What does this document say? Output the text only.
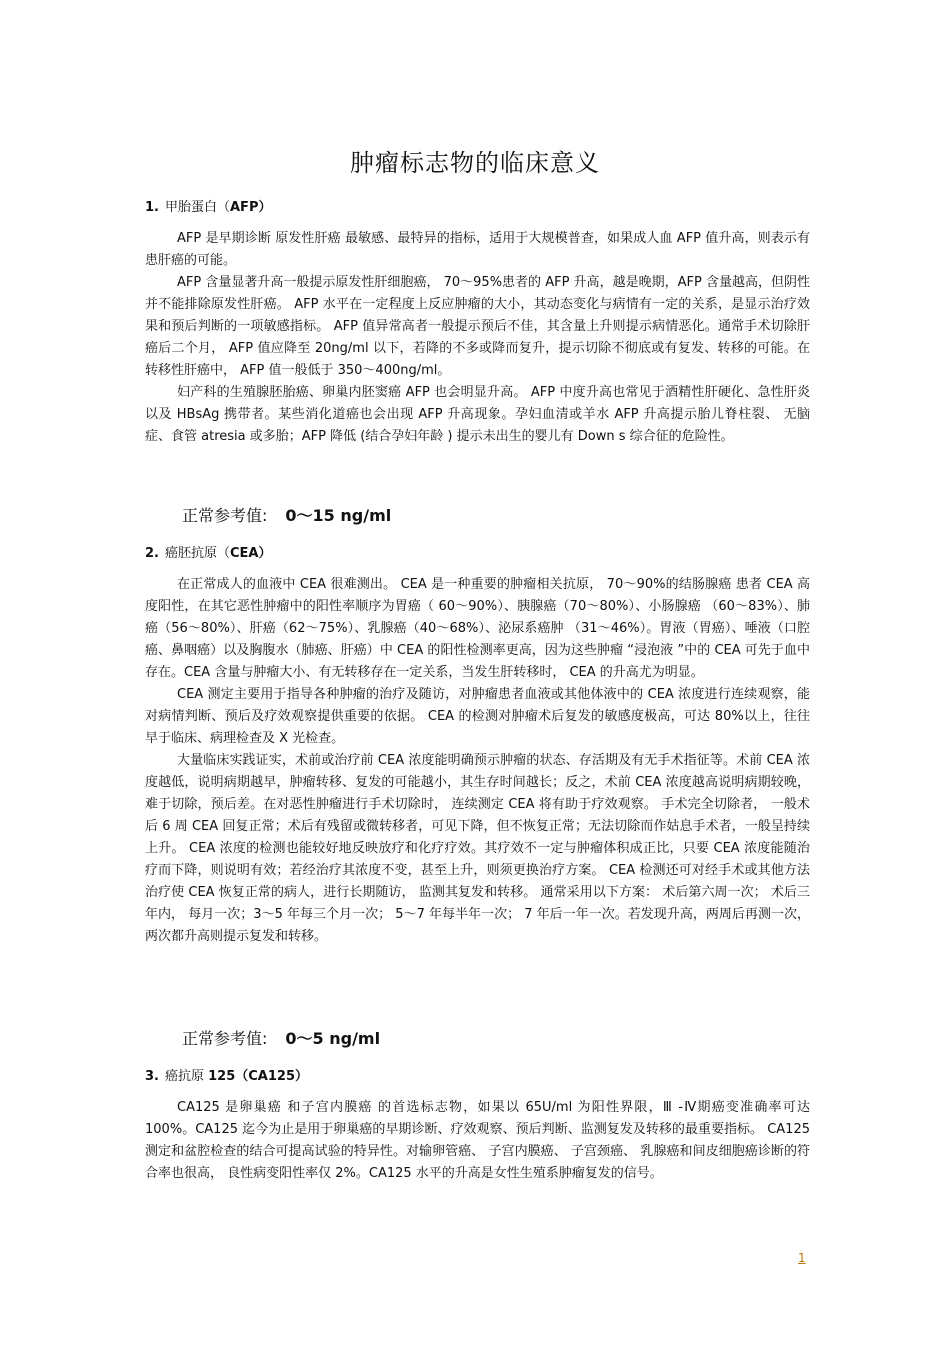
肿瘤标志物的临床意义
1. 甲胎蛋白（AFP）

AFP 是早期诊断 原发性肝癌 最敏感、最特异的指标，适用于大规模普查，如果成人血 AFP 值升高，则表示有患肝癌的可能。

AFP 含量显著升高一般提示原发性肝细胞癌， 70～95%患者的 AFP 升高，越是晚期，AFP 含量越高，但阴性并不能排除原发性肝癌。 AFP 水平在一定程度上反应肿瘤的大小，其动态变化与病情有一定的关系，是显示治疗效果和预后判断的一项敏感指标。 AFP 值异常高者一般提示预后不佳，其含量上升则提示病情恶化。通常手术切除肝癌后二个月， AFP 值应降至 20ng/ml 以下，若降的不多或降而复升，提示切除不彻底或有复发、转移的可能。在转移性肝癌中， AFP 值一般低于 350～400ng/ml。

妇产科的生殖腺胚胎癌、卵巢内胚窦癌 AFP 也会明显升高。 AFP 中度升高也常见于酒精性肝硬化、急性肝炎以及 HBsAg 携带者。某些消化道癌也会出现 AFP 升高现象。孕妇血清或羊水 AFP 升高提示胎儿脊柱裂、 无脑症、食管 atresia 或多胎；AFP 降低 (结合孕妇年龄 ) 提示未出生的婴儿有 Down s 综合征的危险性。

正常参考值: 0～15 ng/ml
2. 癌胚抗原（CEA）

在正常成人的血液中 CEA 很难测出。 CEA 是一种重要的肿瘤相关抗原， 70～90%的结肠腺癌 患者 CEA 高度阳性，在其它恶性肿瘤中的阳性率顺序为胃癌（ 60～90%）、胰腺癌（70～80%）、小肠腺癌 （60～83%）、肺癌（56～80%）、肝癌（62～75%）、乳腺癌（40～68%）、泌尿系癌肿 （31～46%）。胃液（胃癌）、唾液（口腔癌、鼻咽癌）以及胸腹水（肺癌、肝癌）中 CEA 的阳性检测率更高，因为这些肿瘤 “浸泡液 ”中的 CEA 可先于血中存在。CEA 含量与肿瘤大小、有无转移存在一定关系，当发生肝转移时， CEA 的升高尤为明显。

CEA 测定主要用于指导各种肿瘤的治疗及随访，对肿瘤患者血液或其他体液中的 CEA 浓度进行连续观察，能对病情判断、预后及疗效观察提供重要的依据。 CEA 的检测对肿瘤术后复发的敏感度极高，可达 80%以上，往往早于临床、病理检查及 X 光检查。

大量临床实践证实，术前或治疗前 CEA 浓度能明确预示肿瘤的状态、存活期及有无手术指征等。术前 CEA 浓度越低，说明病期越早，肿瘤转移、复发的可能越小，其生存时间越长；反之，术前 CEA 浓度越高说明病期较晚，难于切除，预后差。在对恶性肿瘤进行手术切除时， 连续测定 CEA 将有助于疗效观察。 手术完全切除者， 一般术后 6 周 CEA 回复正常；术后有残留或微转移者，可见下降，但不恢复正常；无法切除而作姑息手术者，一般呈持续上升。 CEA 浓度的检测也能较好地反映放疗和化疗疗效。其疗效不一定与肿瘤体积成正比，只要 CEA 浓度能随治疗而下降，则说明有效；若经治疗其浓度不变，甚至上升，则须更换治疗方案。 CEA 检测还可对经手术或其他方法治疗使 CEA 恢复正常的病人，进行长期随访， 监测其复发和转移。 通常采用以下方案： 术后第六周一次； 术后三年内， 每月一次；3～5 年每三个月一次； 5～7 年每半年一次； 7 年后一年一次。若发现升高，两周后再测一次，两次都升高则提示复发和转移。

正常参考值: 0～5 ng/ml
3. 癌抗原 125（CA125）

CA125 是卵巢癌 和子宫内膜癌 的首选标志物，如果以 65U/ml 为阳性界限，Ⅲ -Ⅳ期癌变准确率可达 100%。CA125 迄今为止是用于卵巢癌的早期诊断、疗效观察、预后判断、监测复发及转移的最重要指标。 CA125 测定和盆腔检查的结合可提高试验的特异性。对输卵管癌、 子宫内膜癌、 子宫颈癌、 乳腺癌和间皮细胞癌诊断的符合率也很高， 良性病变阳性率仅 2%。CA125 水平的升高是女性生殖系肿瘤复发的信号。

1
